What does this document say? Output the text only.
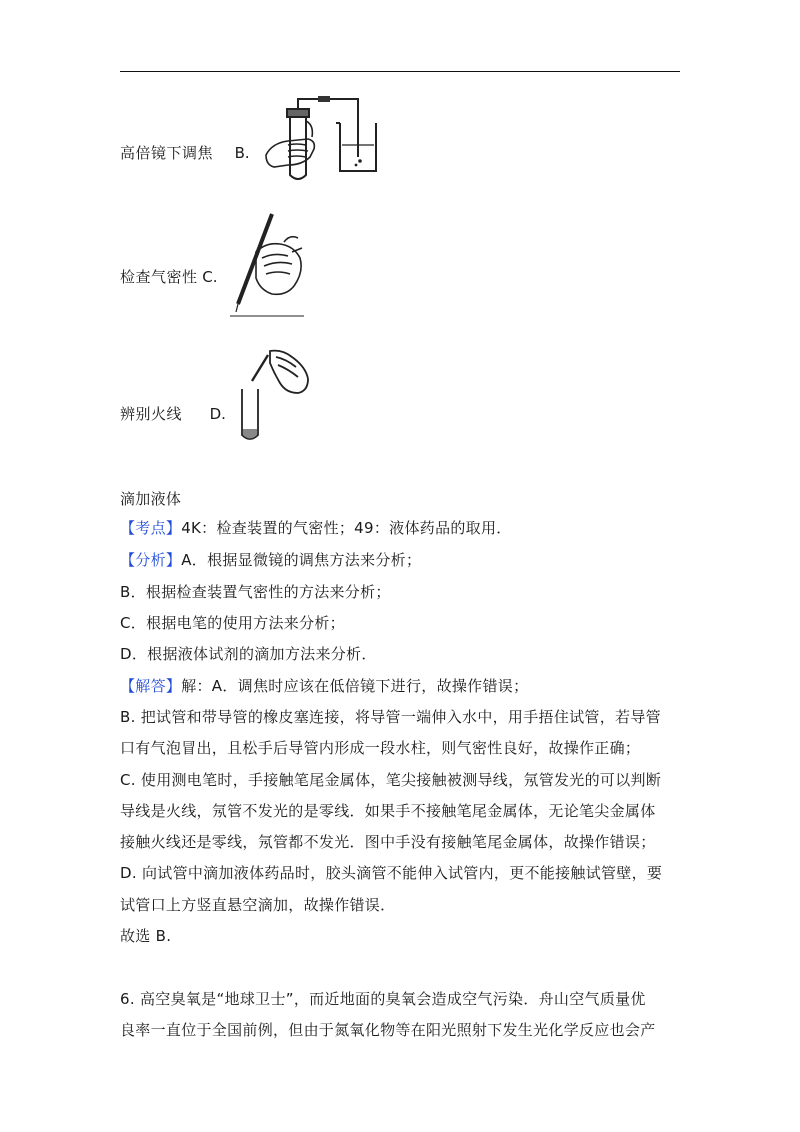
高倍镜下调焦 B.
检查气密性 C.
辨别火线 D.
滴加液体
【考点】4K：检查装置的气密性；49：液体药品的取用．
【分析】A．根据显微镜的调焦方法来分析；
B．根据检查装置气密性的方法来分析；
C．根据电笔的使用方法来分析；
D．根据液体试剂的滴加方法来分析．
【解答】解：A．调焦时应该在低倍镜下进行，故操作错误；
B. 把试管和带导管的橡皮塞连接，将导管一端伸入水中，用手捂住试管，若导管
口有气泡冒出，且松手后导管内形成一段水柱，则气密性良好，故操作正确；
C. 使用测电笔时，手接触笔尾金属体，笔尖接触被测导线，氖管发光的可以判断
导线是火线，氖管不发光的是零线．如果手不接触笔尾金属体，无论笔尖金属体
接触火线还是零线，氖管都不发光．图中手没有接触笔尾金属体，故操作错误；
D. 向试管中滴加液体药品时，胶头滴管不能伸入试管内，更不能接触试管壁，要
试管口上方竖直悬空滴加，故操作错误．
故选 B.
6. 高空臭氧是“地球卫士”，而近地面的臭氧会造成空气污染．舟山空气质量优
良率一直位于全国前例，但由于氮氧化物等在阳光照射下发生光化学反应也会产
